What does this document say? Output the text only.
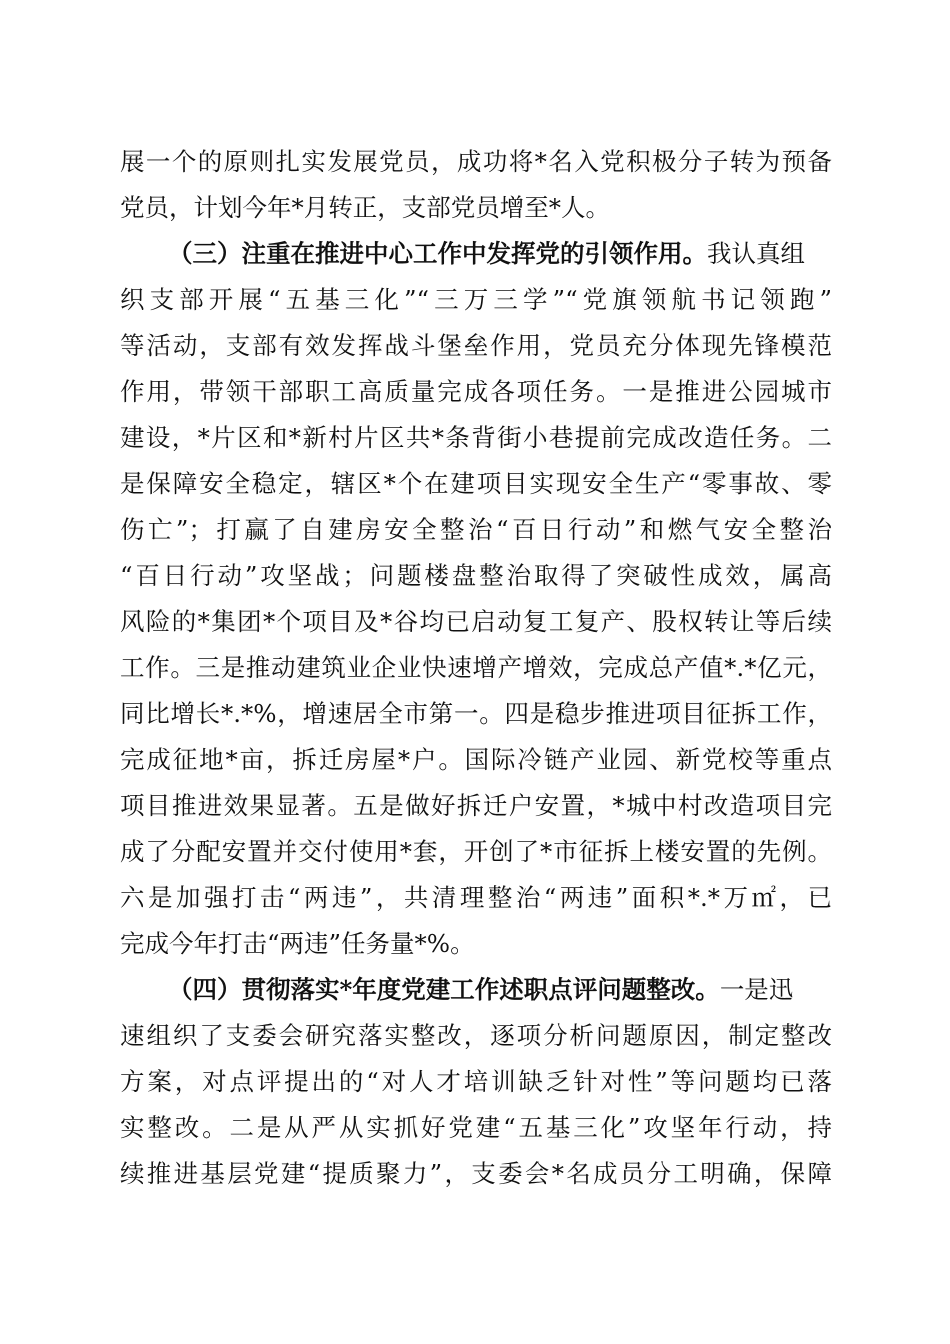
展一个的原则扎实发展党员，成功将*名入党积极分子转为预备
党员，计划今年*月转正，支部党员增至*人。
（三）注重在推进中心工作中发挥党的引领作用。我认真组
织支部开展“五基三化”“三万三学”“党旗领航书记领跑”
等活动，支部有效发挥战斗堡垒作用，党员充分体现先锋模范
作用，带领干部职工高质量完成各项任务。一是推进公园城市
建设，*片区和*新村片区共*条背街小巷提前完成改造任务。二
是保障安全稳定，辖区*个在建项目实现安全生产“零事故、零
伤亡”；打赢了自建房安全整治“百日行动”和燃气安全整治
“百日行动”攻坚战；问题楼盘整治取得了突破性成效，属高
风险的*集团*个项目及*谷均已启动复工复产、股权转让等后续
工作。三是推动建筑业企业快速增产增效，完成总产值*.*亿元，
同比增长*.*%，增速居全市第一。四是稳步推进项目征拆工作，
完成征地*亩，拆迁房屋*户。国际冷链产业园、新党校等重点
项目推进效果显著。五是做好拆迁户安置，*城中村改造项目完
成了分配安置并交付使用*套，开创了*市征拆上楼安置的先例。
六是加强打击“两违”，共清理整治“两违”面积*.*万㎡，已
完成今年打击“两违”任务量*%。
（四）贯彻落实*年度党建工作述职点评问题整改。一是迅
速组织了支委会研究落实整改，逐项分析问题原因，制定整改
方案，对点评提出的“对人才培训缺乏针对性”等问题均已落
实整改。二是从严从实抓好党建“五基三化”攻坚年行动，持
续推进基层党建“提质聚力”，支委会*名成员分工明确，保障
